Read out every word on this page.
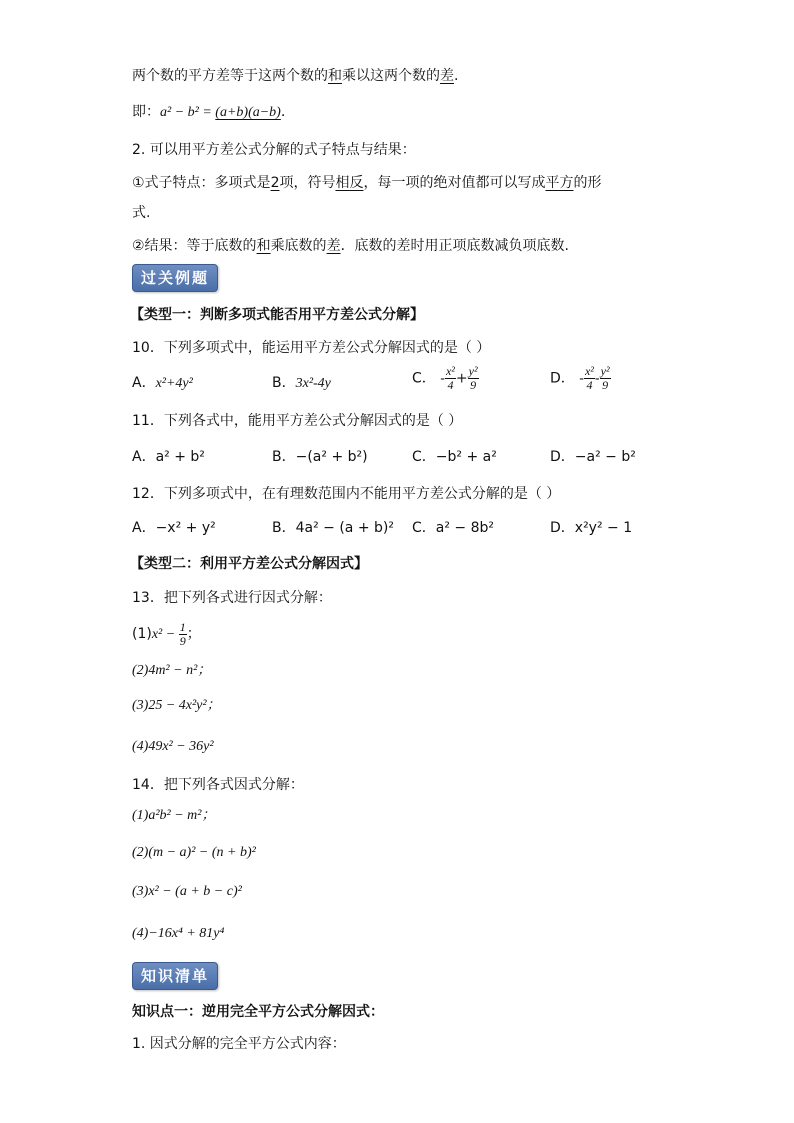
两个数的平方差等于这两个数的和乘以这两个数的差.
即：a² − b² = (a+b)(a−b).
2. 可以用平方差公式分解的式子特点与结果：
①式子特点：多项式是2项，符号相反，每一项的绝对值都可以写成平方的形
式.
②结果：等于底数的和乘底数的差．底数的差时用正项底数减负项底数.
过关例题
【类型一：判断多项式能否用平方差公式分解】
10．下列多项式中，能运用平方差公式分解因式的是（ ）
A．x²+4y²	B．3x²-4y	C． - $\frac{\text{x²}}{4} + \frac{\text{y²}}{9}$	D． - $\frac{\text{x²}}{4} - \frac{\text{y²}}{9}$
11．下列各式中，能用平方差公式分解因式的是（ ）
A．a² + b²	B．−(a² + b²)	C．−b² + a²	D．−a² − b²
12．下列多项式中，在有理数范围内不能用平方差公式分解的是（ ）
A．−x² + y²	B．4a² − (a + b)² C．a² − 8b²	D．x²y² − 1
【类型二：利用平方差公式分解因式】
13．把下列各式进行因式分解：
$(1)x^2 - \frac{1}{9}$ ；
(2)4m² − n²；
(3)25 − 4x²y²；
(4)49x² − 36y²
14．把下列各式因式分解：
(1)a²b² − m²；
(2)(m − a)² − (n + b)²
(3)x² − (a + b − c)²
(4)−16x⁴ + 81y⁴
知识清单
知识点一：逆用完全平方公式分解因式：
1. 因式分解的完全平方公式内容：
